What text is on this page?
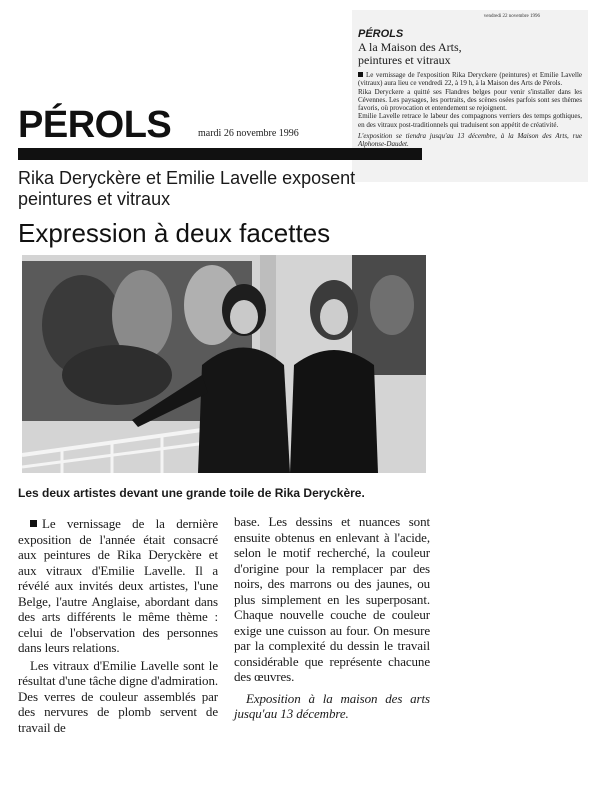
vendredi 22 novembre 1996
PÉROLS
A la Maison des Arts,
peintures et vitraux

Le vernissage de l'exposition Rika Deryckere (peintures) et Emilie Lavelle (vitraux) aura lieu ce vendredi 22, à 19 h, à la Maison des Arts de Pérols.

Rika Deryckere a quitté ses Flandres belges pour venir s'installer dans les Cévennes. Les paysages, les portraits, des scènes osées parfois sont ses thèmes favoris, où provocation et entendement se rejoignent.

Emilie Lavelle retrace le labeur des compagnons verriers des temps gothiques, en des vitraux post-traditionnels qui traduisent son appétit de créativité.

L'exposition se tiendra jusqu'au 13 décembre, à la Maison des Arts, rue Alphonse-Daudet.
PÉROLS	mardi 26 novembre 1996
Rika Deryckère et Emilie Lavelle exposent peintures et vitraux
Expression à deux facettes
Les deux artistes devant une grande toile de Rika Deryckère.

Le vernissage de la dernière exposition de l'année était consacré aux peintures de Rika Deryckère et aux vitraux d'Emilie Lavelle. Il a révélé aux invités deux artistes, l'une Belge, l'autre Anglaise, abordant dans des arts différents le même thème : celui de l'observation des personnes dans leurs relations.

Les vitraux d'Emilie Lavelle sont le résultat d'une tâche digne d'admiration. Des verres de couleur assemblés par des nervures de plomb servent de travail de

base. Les dessins et nuances sont ensuite obtenus en enlevant à l'acide, selon le motif recherché, la couleur d'origine pour la remplacer par des noirs, des marrons ou des jaunes, ou plus simplement en les superposant. Chaque nouvelle couche de couleur exige une cuisson au four. On mesure par la complexité du dessin le travail considérable que représente chacune des œuvres.

Exposition à la maison des arts jusqu'au 13 décembre.
